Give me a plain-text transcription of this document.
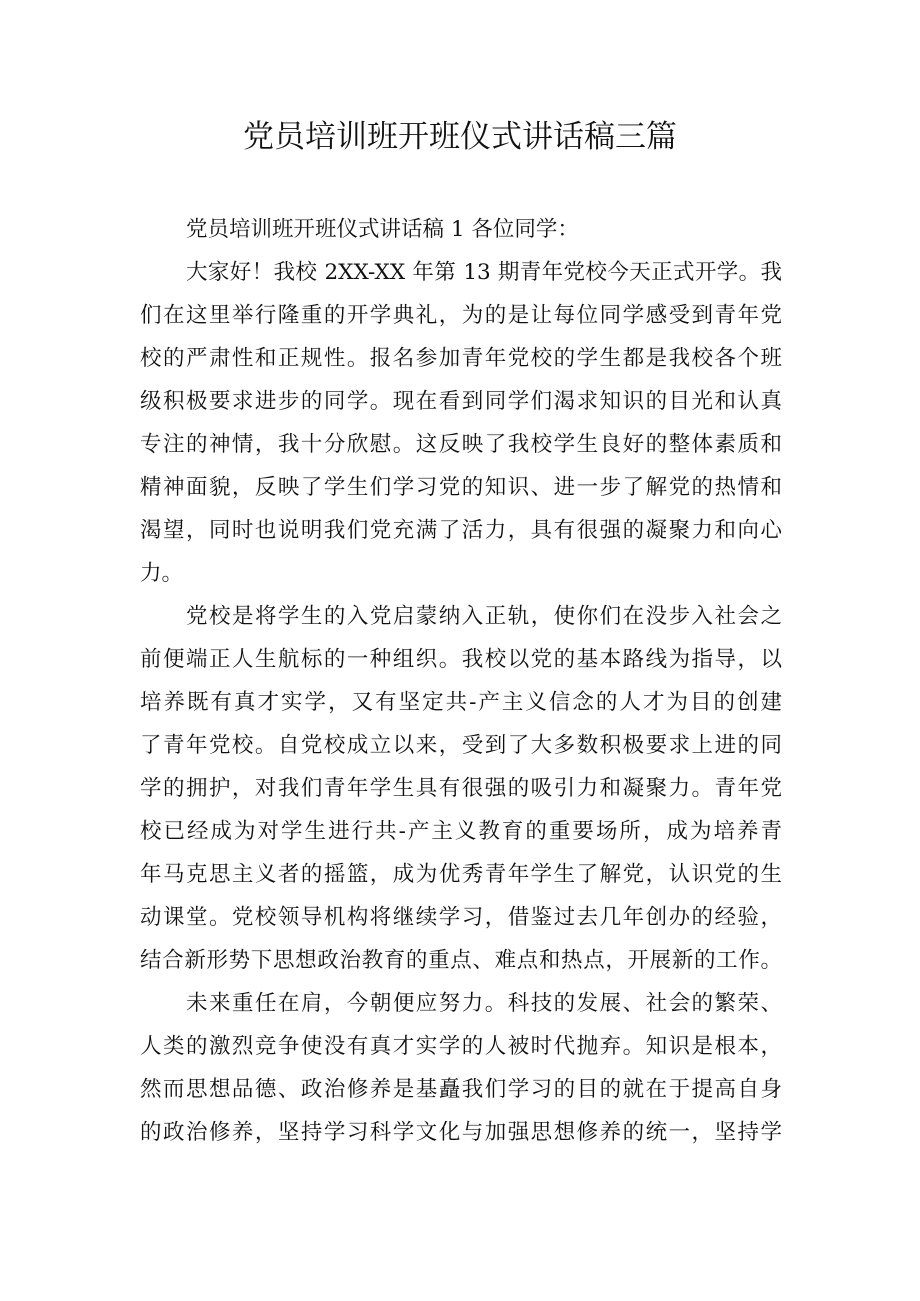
党员培训班开班仪式讲话稿三篇
党员培训班开班仪式讲话稿 1 各位同学：
大家好！我校 2XX-XX 年第 13 期青年党校今天正式开学。我
们在这里举行隆重的开学典礼，为的是让每位同学感受到青年党
校的严肃性和正规性。报名参加青年党校的学生都是我校各个班
级积极要求进步的同学。现在看到同学们渴求知识的目光和认真
专注的神情，我十分欣慰。这反映了我校学生良好的整体素质和
精神面貌，反映了学生们学习党的知识、进一步了解党的热情和
渴望，同时也说明我们党充满了活力，具有很强的凝聚力和向心
力。
党校是将学生的入党启蒙纳入正轨，使你们在没步入社会之
前便端正人生航标的一种组织。我校以党的基本路线为指导，以
培养既有真才实学，又有坚定共-产主义信念的人才为目的创建
了青年党校。自党校成立以来，受到了大多数积极要求上进的同
学的拥护，对我们青年学生具有很强的吸引力和凝聚力。青年党
校已经成为对学生进行共-产主义教育的重要场所，成为培养青
年马克思主义者的摇篮，成为优秀青年学生了解党，认识党的生
动课堂。党校领导机构将继续学习，借鉴过去几年创办的经验，
结合新形势下思想政治教育的重点、难点和热点，开展新的工作。
未来重任在肩，今朝便应努力。科技的发展、社会的繁荣、
人类的激烈竞争使没有真才实学的人被时代抛弃。知识是根本，
然而思想品德、政治修养是基矗我们学习的目的就在于提高自身
的政治修养，坚持学习科学文化与加强思想修养的统一，坚持学
